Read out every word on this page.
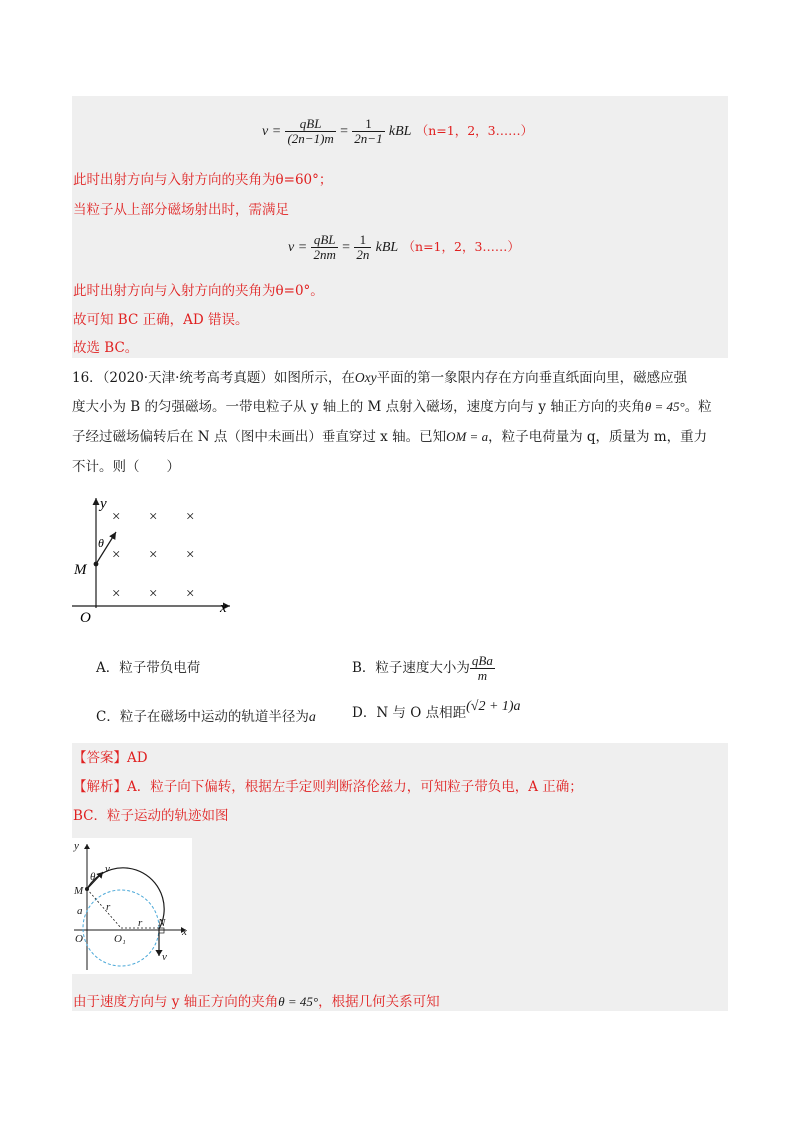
$v = \frac{\text{qBL}}{(2n-1)m} = \frac{1}{2n-1}$ kBL （n=1，2，3……）
此时出射方向与入射方向的夹角为θ=60°；
当粒子从上部分磁场射出时，需满足
$v = \frac{\text{qBL}}{2nm} = \frac{1}{2n}$ kBL （n=1，2，3……）
此时出射方向与入射方向的夹角为θ=0°。
故可知 BC 正确，AD 错误。
故选 BC。
16．（2020·天津·统考高考真题）如图所示，在Oxy平面的第一象限内存在方向垂直纸面向里，磁感应强
度大小为 B 的匀强磁场。一带电粒子从 y 轴上的 M 点射入磁场，速度方向与 y 轴正方向的夹角θ = 45°。粒
子经过磁场偏转后在 N 点（图中未画出）垂直穿过 x 轴。已知OM = a，粒子电荷量为 q，质量为 m，重力
不计。则（　　）
y
x
O
M
θ
× × ×
× × ×
× × ×
A．粒子带负电荷	B．粒子速度大小为 $\frac{\text{qBa}}{m}$
C．粒子在磁场中运动的轨道半径为a	D．N 与 O 点相距(√2 + 1)a
【答案】AD
【解析】A．粒子向下偏转，根据左手定则判断洛伦兹力，可知粒子带负电，A 正确；
BC．粒子运动的轨迹如图
y
x
O	O₁
M
N
a r
r
v
v
θ
由于速度方向与 y 轴正方向的夹角θ = 45°，根据几何关系可知
